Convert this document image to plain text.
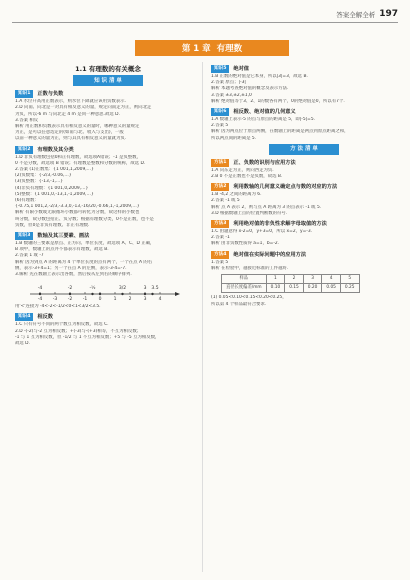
答案全解全析 197
第 1 章 有理数
1.1 有理数的有关概念
知 识 清 单
知识1	正数与负数
1.A 水位升高用正数表示，则水位下降就应该用负数表示.
2.D 向南、向北是一对具有相反意义的量，规定向南走为正，则向北走
为负，所以-6 m 与向北走 4 m 是同一种意思.故选 D.
3.答案 相反
解析 用正数和负数表示具有相反意义的量时，哪种意义的量规定
为正，是可以任意选定的(如南与北、收入与支出)，一般
以前一种意义的量为正，则与其具有相反意义的量就为负.
知识2	有理数及其分类
1.D 非负有理数包括0和正有理数，故选项A错误；-1 是负整数，
0 不是分数，故选项 B 错误；有理数是整数和分数的统称，故选 D.
2.答案 (1)正数集：{1 001,1,2009,…}
(2)负数集：{-2/3,-0.06,…}
(3)负整数：{-13,-1,…}
(4)非负有理数：{1 001,0,2009,…}
(5)整数：{1 001,0,-13,1,-1,2009,…}
(6)有理数：
{-0.75,1 001,2,-2/3,-3.3,0,-13,-16/20,-0.66,1,-1,2009,…}
解析 有限小数或无限循环小数都可转化为分数，故这样的小数也
叫分数，故分数包括正、负分数；根据有理数分类，0不是正数，也不是
负数，但0是非负有理数、非正有理数.
知识3	数轴及其三要素、画法
1.B 数轴的三要素是原点、正方向、单位长度，故选项 A、C、D 正确，
B 项中，数轴上的点并不都表示有理数，故选 B.
2.答案 1 或 -7
解析 因为到点 A 的距离为 4 个单位长度的点有两个，一个在点 A 的右
侧，表示-3+4=1；另一个在点 A 的左侧，表示-3-4=-7.
3.解析 先在数轴上表示出各数，然后按从左到右的顺序排列.
-4 -3 -2 -1	0	1	2	3	4
-4	-2	-½	3/2	3 3.5
用'<'连接为 -4<-2<-1/2<0<1<3/2<3.5.
知识4	相反数
1.C 只有符号不同的两个数互为相反数，故选 C.
2.D -(-2)与-2 互为相反数；+(-3)与-(+3)相等，不互为相反数；
-1 与 1 互为相反数，但 -1/2 与 1 不互为相反数；+5 与 -5 互为相反数，
故选 D.
知识5	绝对值
1.B 正数的绝对值是它本身，所以|3|=3，故选 B.
2.答案 原点；|-3|
解析 本题考查绝对值的概念及表示方法.
3.答案 ±3,±2,±1,0
解析 绝对值等于3、2、1的数各有两个，0的绝对值是0，所以有7个.
知识6	相反数、绝对值的几何意义
1.A 数轴上表示-5 的点与原点的距离是 5，即|-5|=5.
2.答案 5
解析 因为两点位于原点两侧，在数轴上的距离是两点到原点距离之和，
所以两点间的距离是 5.
方 法 清 单
方法1	正、负数的识别与应用方法
1.A 向东走为正，则向西走为负.
2.B 0 不是正数也不是负数，故选 B.
方法2	利用数轴的几何意义确定点与数的对应的方法
1.B -4,2 之间的距离为 6.
2.答案 -1 或 5
解析 点 A 表示 2，则与点 A 距离为 3 的点表示 -1 或 5.
3.D 根据数轴上点的位置判断数的符号.
方法3	利用绝对值的非负性求解字母取值的方法
1.C 由题意得 x-2=0，y+3=0，所以 x=2，y=-3.
2.答案 -1
解析 由非负数性质得 a=1，b=-2.
方法4	绝对值在实际问题中的应用方法
1.答案 5
解析 在检验中，越接近标准的工件越好.
样品	1	2	3	4	5
直径长度偏差/mm	0.10	0.15	0.20	0.05	0.25
(1) 0.05<0.10<0.15<0.20<0.25，
所以第 4 个样品最符合要求.
